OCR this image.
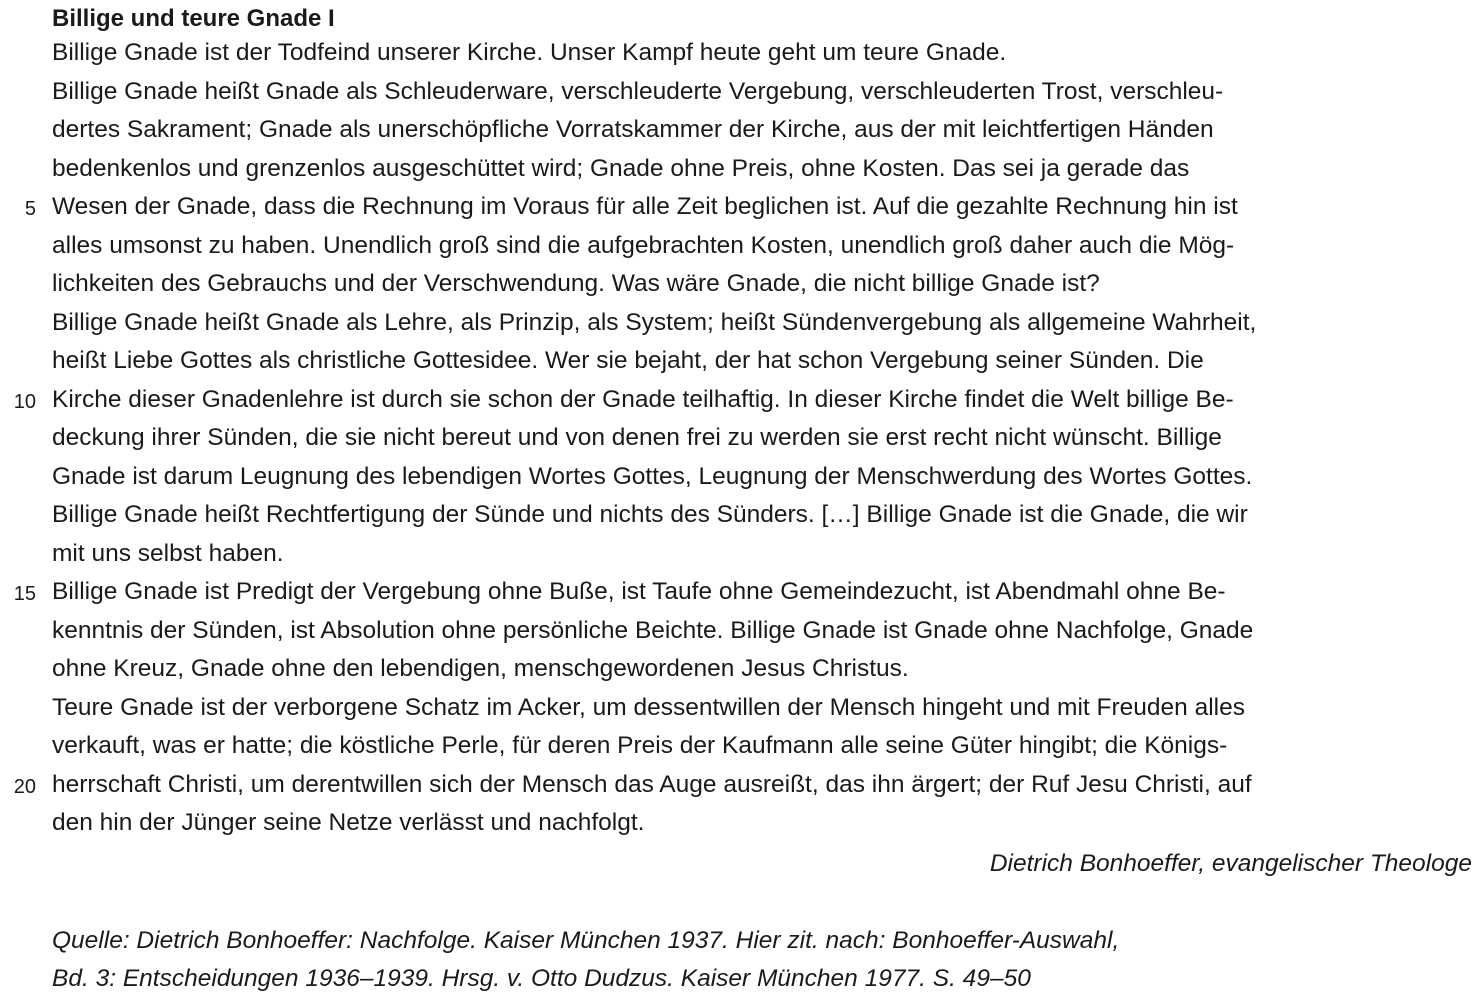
Billige und teure Gnade I
Billige Gnade ist der Todfeind unserer Kirche. Unser Kampf heute geht um teure Gnade.
Billige Gnade heißt Gnade als Schleuderware, verschleuderte Vergebung, verschleuderten Trost, verschleu-
dertes Sakrament; Gnade als unerschöpfliche Vorratskammer der Kirche, aus der mit leichtfertigen Händen
bedenkenlos und grenzenlos ausgeschüttet wird; Gnade ohne Preis, ohne Kosten. Das sei ja gerade das
5 Wesen der Gnade, dass die Rechnung im Voraus für alle Zeit beglichen ist. Auf die gezahlte Rechnung hin ist
alles umsonst zu haben. Unendlich groß sind die aufgebrachten Kosten, unendlich groß daher auch die Mög-
lichkeiten des Gebrauchs und der Verschwendung. Was wäre Gnade, die nicht billige Gnade ist?
Billige Gnade heißt Gnade als Lehre, als Prinzip, als System; heißt Sündenvergebung als allgemeine Wahrheit,
heißt Liebe Gottes als christliche Gottesidee. Wer sie bejaht, der hat schon Vergebung seiner Sünden. Die
10 Kirche dieser Gnadenlehre ist durch sie schon der Gnade teilhaftig. In dieser Kirche findet die Welt billige Be-
deckung ihrer Sünden, die sie nicht bereut und von denen frei zu werden sie erst recht nicht wünscht. Billige
Gnade ist darum Leugnung des lebendigen Wortes Gottes, Leugnung der Menschwerdung des Wortes Gottes.
Billige Gnade heißt Rechtfertigung der Sünde und nichts des Sünders. […] Billige Gnade ist die Gnade, die wir
mit uns selbst haben.
15 Billige Gnade ist Predigt der Vergebung ohne Buße, ist Taufe ohne Gemeindezucht, ist Abendmahl ohne Be-
kenntnis der Sünden, ist Absolution ohne persönliche Beichte. Billige Gnade ist Gnade ohne Nachfolge, Gnade
ohne Kreuz, Gnade ohne den lebendigen, menschgewordenen Jesus Christus.
Teure Gnade ist der verborgene Schatz im Acker, um dessentwillen der Mensch hingeht und mit Freuden alles
verkauft, was er hatte; die köstliche Perle, für deren Preis der Kaufmann alle seine Güter hingibt; die Königs-
20 herrschaft Christi, um derentwillen sich der Mensch das Auge ausreißt, das ihn ärgert; der Ruf Jesu Christi, auf
den hin der Jünger seine Netze verlässt und nachfolgt.
Dietrich Bonhoeffer, evangelischer Theologe
Quelle: Dietrich Bonhoeffer: Nachfolge. Kaiser München 1937. Hier zit. nach: Bonhoeffer-Auswahl,
Bd. 3: Entscheidungen 1936–1939. Hrsg. v. Otto Dudzus. Kaiser München 1977. S. 49–50
